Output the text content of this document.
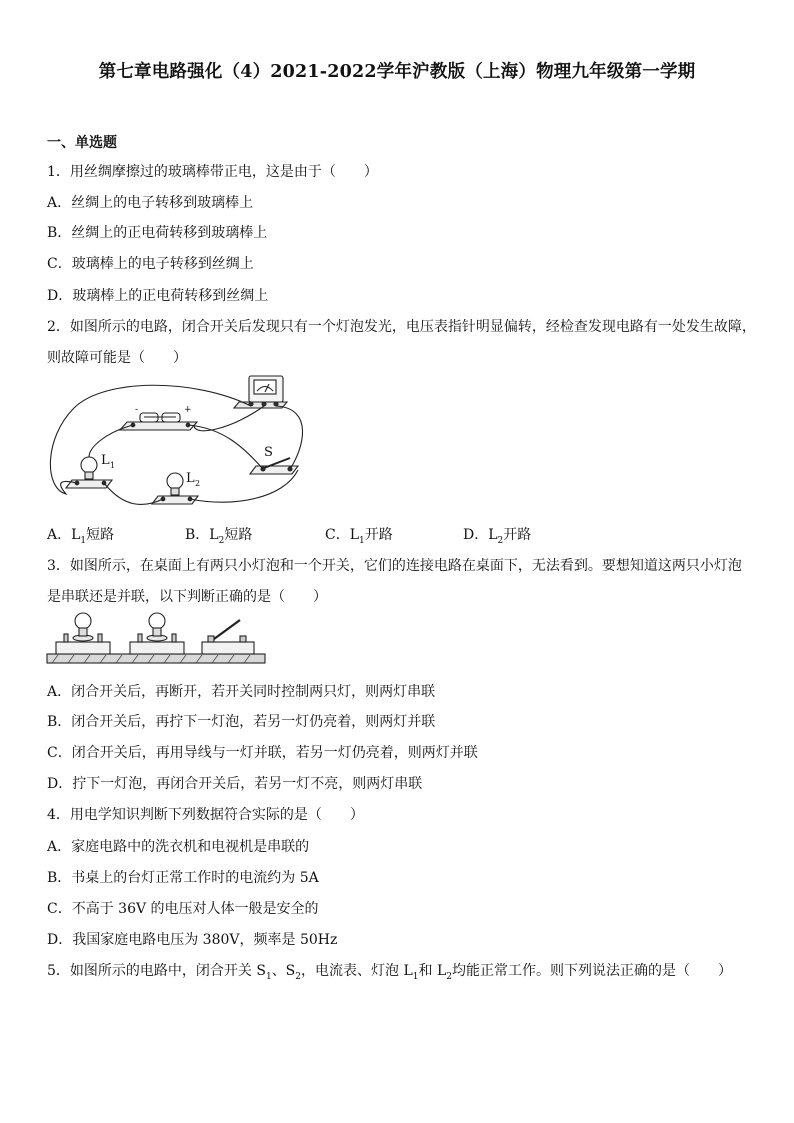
第七章电路强化（4）2021-2022学年沪教版（上海）物理九年级第一学期
一、单选题
1．用丝绸摩擦过的玻璃棒带正电，这是由于（　　）
A．丝绸上的电子转移到玻璃棒上
B．丝绸上的正电荷转移到玻璃棒上
C．玻璃棒上的电子转移到丝绸上
D．玻璃棒上的正电荷转移到丝绸上
2．如图所示的电路，闭合开关后发现只有一个灯泡发光，电压表指针明显偏转，经检查发现电路有一处发生故障，
则故障可能是（　　）
L 1
L 2
S
-	+
A．$L_1$短路	B．$L_2$短路	C．$L_1$开路	D．$L_2$开路
3．如图所示，在桌面上有两只小灯泡和一个开关，它们的连接电路在桌面下，无法看到。要想知道这两只小灯泡
是串联还是并联，以下判断正确的是（　　）
A．闭合开关后，再断开，若开关同时控制两只灯，则两灯串联
B．闭合开关后，再拧下一灯泡，若另一灯仍亮着，则两灯并联
C．闭合开关后，再用导线与一灯并联，若另一灯仍亮着，则两灯并联
D．拧下一灯泡，再闭合开关后，若另一灯不亮，则两灯串联
4．用电学知识判断下列数据符合实际的是（　　）
A．家庭电路中的洗衣机和电视机是串联的
B．书桌上的台灯正常工作时的电流约为 5A
C．不高于 36V 的电压对人体一般是安全的
D．我国家庭电路电压为 380V，频率是 50Hz
5．如图所示的电路中，闭合开关 $S_1$、$S_2$，电流表、灯泡 $L_1$和 $L_2$均能正常工作。则下列说法正确的是（　　）
